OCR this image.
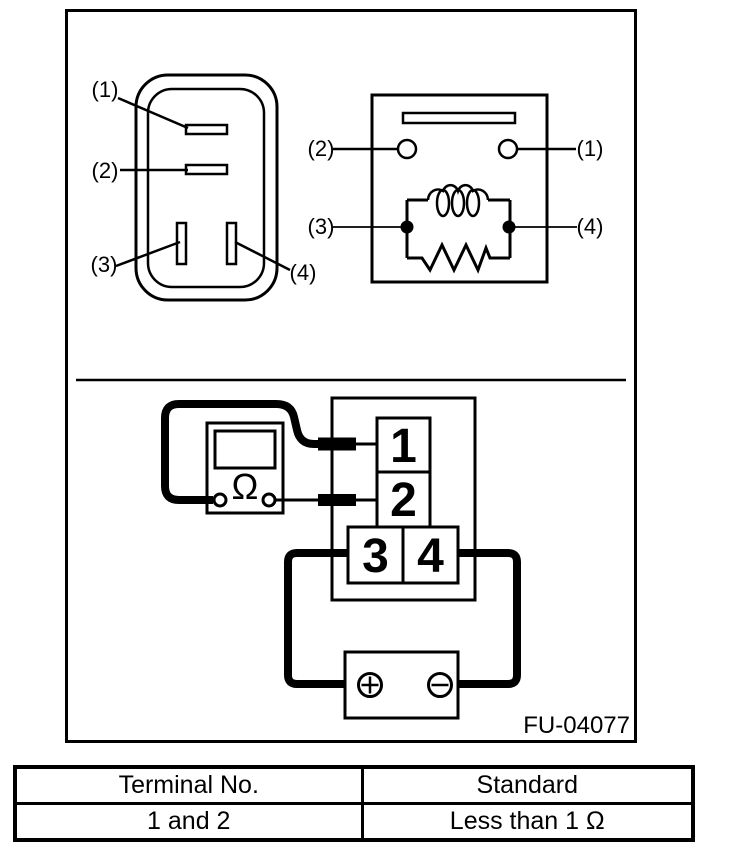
(1)
(2)
(3)	(4)
(2)	(1)
(3)	(4)
Ω
1
2
3 4
FU-04077
Terminal No.	Standard
1 and 2	Less than 1 Ω
